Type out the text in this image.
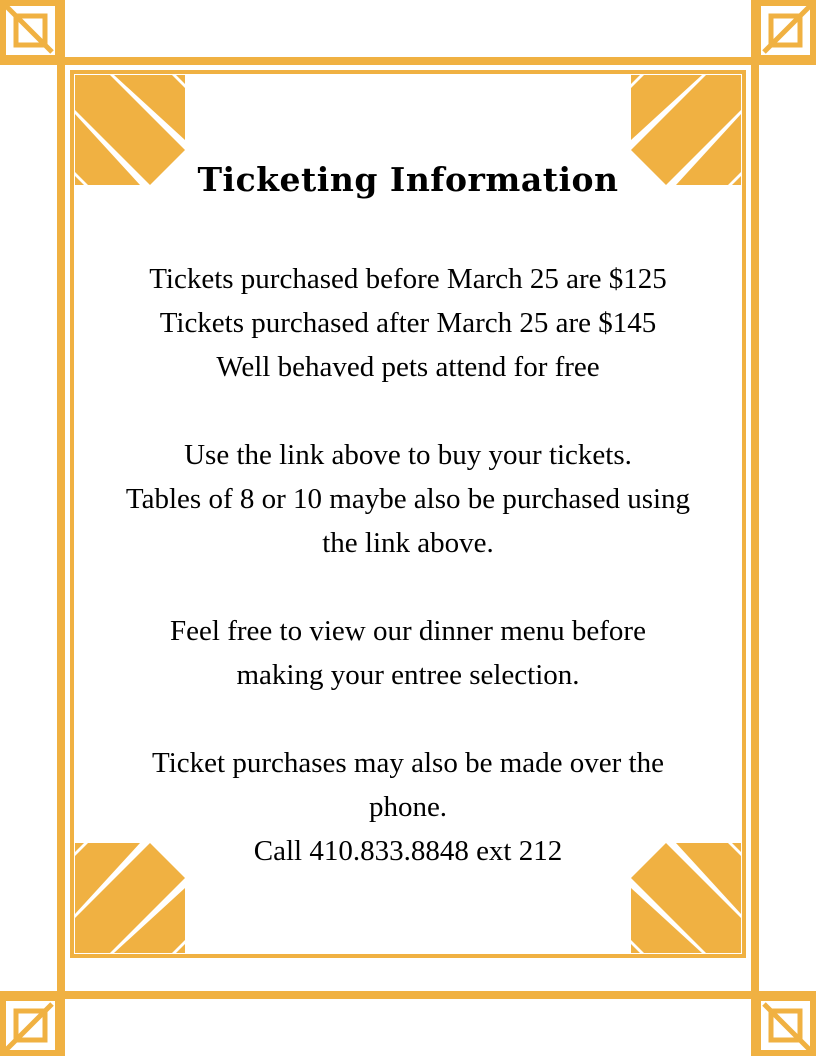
Ticketing Information

Tickets purchased before March 25 are $125
Tickets purchased after March 25 are $145
Well behaved pets attend for free

Use the link above to buy your tickets.
Tables of 8 or 10 maybe also be purchased using
the link above.

Feel free to view our dinner menu before
making your entree selection.

Ticket purchases may also be made over the
phone.
Call 410.833.8848 ext 212
